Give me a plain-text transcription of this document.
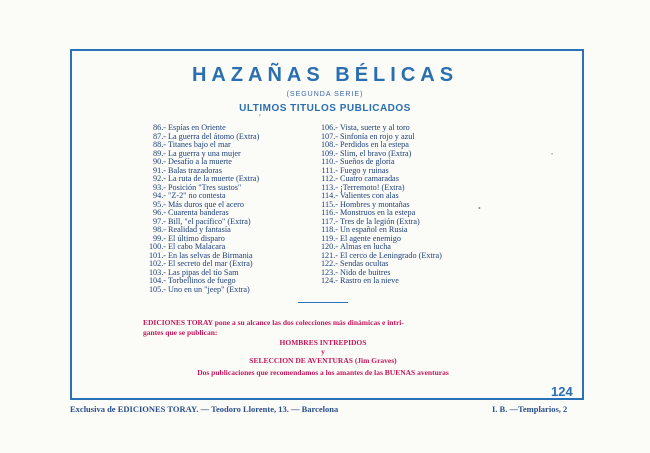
HAZAÑAS BÉLICAS
(SEGUNDA SERIE)
ULTIMOS TITULOS PUBLICADOS
86.- Espías en Oriente
87.- La guerra del átomo (Extra)
88.- Titanes bajo el mar
89.- La guerra y una mujer
90.- Desafío a la muerte
91.- Balas trazadoras
92.- La ruta de la muerte (Extra)
93.- Posición "Tres sustos"
94.- "Z-2" no contesta
95.- Más duros que el acero
96.- Cuarenta banderas
97.- Bill, "el pacífico" (Extra)
98.- Realidad y fantasía
99.- El último disparo
100.- El cabo Malacara
101.- En las selvas de Birmania
102.- El secreto del mar (Extra)
103.- Las pipas del tío Sam
104.- Torbellinos de fuego
105.- Uno en un "jeep" (Extra)
106.- Vista, suerte y al toro
107.- Sinfonía en rojo y azul
108.- Perdidos en la estepa
109.- Slim, el bravo (Extra)
110.- Sueños de gloria
111.- Fuego y ruinas
112.- Cuatro camaradas
113.- ¡Terremoto! (Extra)
114.- Valientes con alas
115.- Hombres y montañas
116.- Monstruos en la estepa
117.- Tres de la legión (Extra)
118.- Un español en Rusia
119.- El agente enemigo
120.- Almas en lucha
121.- El cerco de Leningrado (Extra)
122.- Sendas ocultas
123.- Nido de buitres
124.- Rastro en la nieve
EDICIONES TORAY pone a su alcance las dos colecciones más dinámicas e intri-
gantes que se publican:
HOMBRES INTREPIDOS
y
SELECCION DE AVENTURAS (Jim Graves)
Dos publicaciones que recomendamos a los amantes de las BUENAS aventuras
124
Exclusiva de EDICIONES TORAY. — Teodoro Llorente, 13. — Barcelona	I. B. —Templarios, 2
'
•
•
